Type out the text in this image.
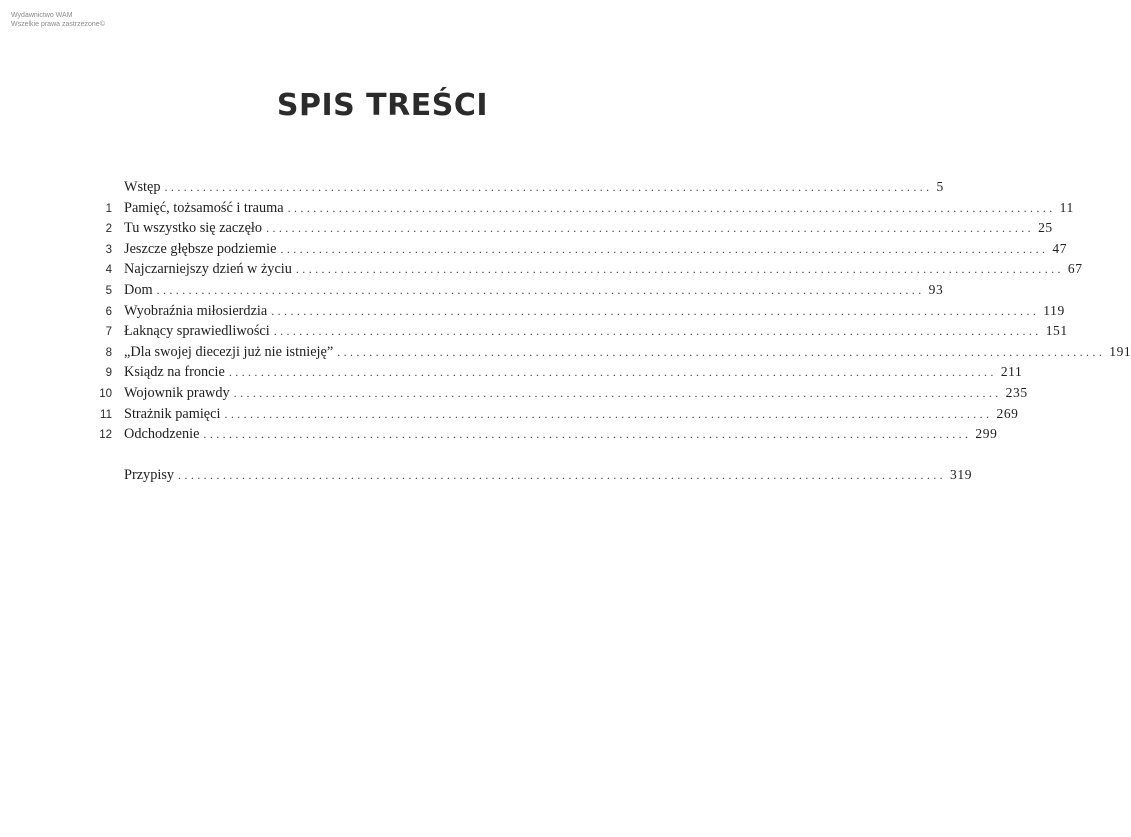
Wydawnictwo WAM
Wszelkie prawa zastrzeżone©
SPIS TREŚCI
Wstęp ........................................................................................................................ 5
1 Pamięć, tożsamość i trauma ........................................................................................................................ 11
2 Tu wszystko się zaczęło ........................................................................................................................ 25
3 Jeszcze głębsze podziemie ........................................................................................................................ 47
4 Najczarniejszy dzień w życiu ........................................................................................................................ 67
5 Dom ........................................................................................................................ 93
6 Wyobraźnia miłosierdzia ........................................................................................................................ 119
7 Łaknący sprawiedliwości ........................................................................................................................ 151
8 „Dla swojej diecezji już nie istnieję” ........................................................................................................................ 191
9 Ksiądz na froncie ........................................................................................................................ 211
10 Wojownik prawdy ........................................................................................................................ 235
11 Strażnik pamięci ........................................................................................................................ 269
12 Odchodzenie ........................................................................................................................ 299
Przypisy ........................................................................................................................ 319
